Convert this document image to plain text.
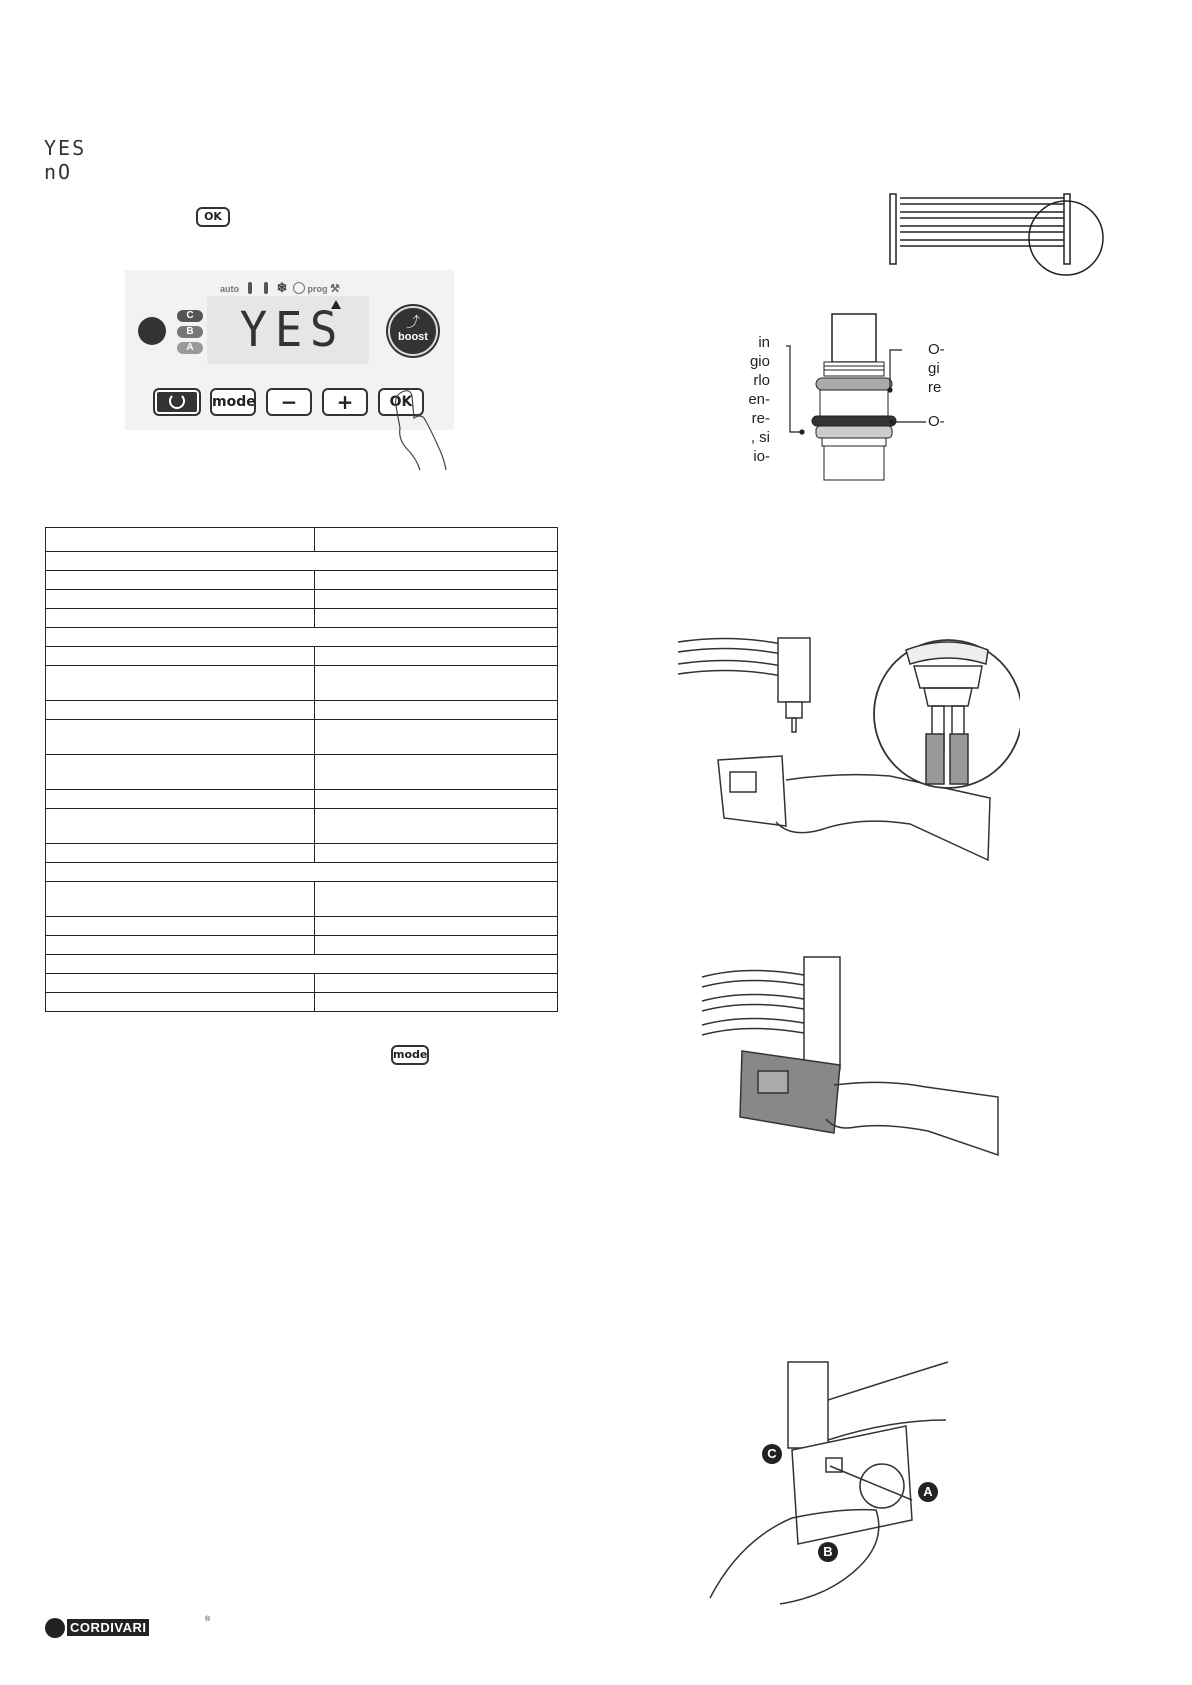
YES
nO
OK
auto	❄ prog ⚒
C
B
A YES	⤴
boost
mode	−	+	OK

mode
in
gio
rlo
en-
re-
, si
io-
O-
gi
re
O-
C
A
B
CORDIVARI
®
